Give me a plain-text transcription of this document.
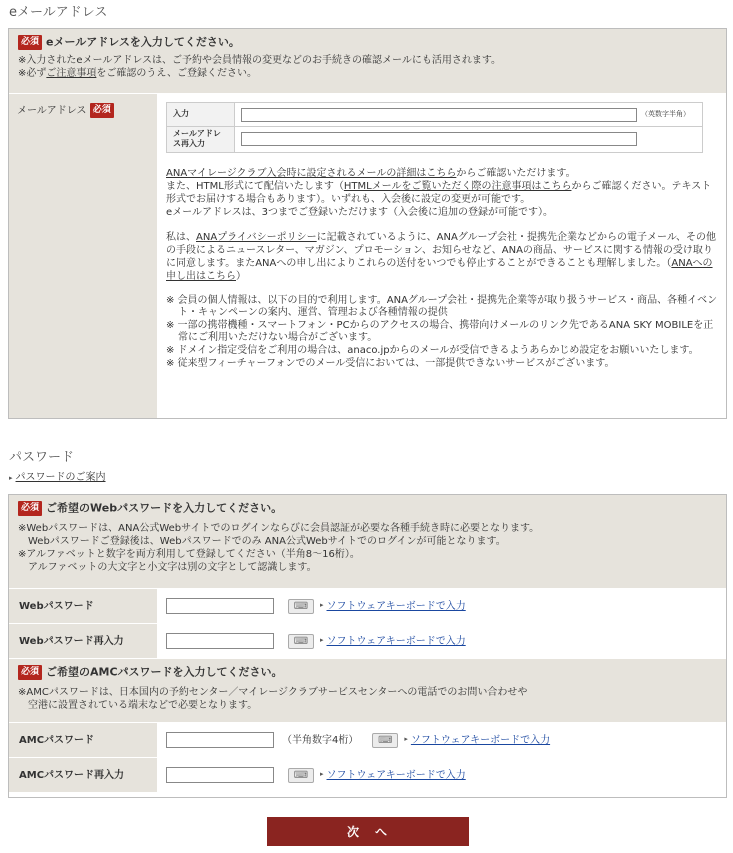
eメールアドレス
必須 eメールアドレスを入力してください。
※入力されたeメールアドレスは、ご予約や会員情報の変更などのお手続きの確認メールにも活用されます。
※必ずご注意事項をご確認のうえ、ご登録ください。
メールアドレス 必須	入力	（英数字半角）

メールアドレス再入力	

ANAマイレージクラブ入会時に設定されるメールの詳細はこちらからご確認いただけます。
また、HTML形式にて配信いたします（HTMLメールをご覧いただく際の注意事項はこちらからご確認ください。テキスト形式でお届けする場合もあります）。いずれも、入会後に設定の変更が可能です。
eメールアドレスは、3つまでご登録いただけます（入会後に追加の登録が可能です）。

私は、ANAプライバシーポリシーに記載されているように、ANAグループ会社・提携先企業などからの電子メール、その他の手段によるニュースレター、マガジン、プロモーション、お知らせなど、ANAの商品、サービスに関する情報の受け取りに同意します。またANAへの申し出によりこれらの送付をいつでも停止することができることも理解しました。（ANAへの申し出はこちら）

※ 会員の個人情報は、以下の目的で利用します。ANAグループ会社・提携先企業等が取り扱うサービス・商品、各種イベント・キャンペーンの案内、運営、管理および各種情報の提供
※ 一部の携帯機種・スマートフォン・PCからのアクセスの場合、携帯向けメールのリンク先であるANA SKY MOBILEを正常にご利用いただけない場合がございます。
※ ドメイン指定受信をご利用の場合は、anaco.jpからのメールが受信できるようあらかじめ設定をお願いいたします。
※ 従来型フィーチャーフォンでのメール受信においては、一部提供できないサービスがございます。
パスワード
▸ パスワードのご案内
必須 ご希望のWebパスワードを入力してください。
※Webパスワードは、ANA公式Webサイトでのログインならびに会員認証が必要な各種手続き時に必要となります。
　Webパスワードご登録後は、Webパスワードでのみ ANA公式Webサイトでのログインが可能となります。
※アルファベットと数字を両方利用して登録してください（半角8～16桁）。
　アルファベットの大文字と小文字は別の文字として認識します。
Webパスワード	⌨	▸ ソフトウェアキーボードで入力
Webパスワード再入力	⌨	▸ ソフトウェアキーボードで入力
必須 ご希望のAMCパスワードを入力してください。
※AMCパスワードは、日本国内の予約センター／マイレージクラブサービスセンターへの電話でのお問い合わせや
　空港に設置されている端末などで必要となります。
AMCパスワード	（半角数字4桁）	⌨	▸ ソフトウェアキーボードで入力
AMCパスワード再入力	⌨	▸ ソフトウェアキーボードで入力
次　へ
